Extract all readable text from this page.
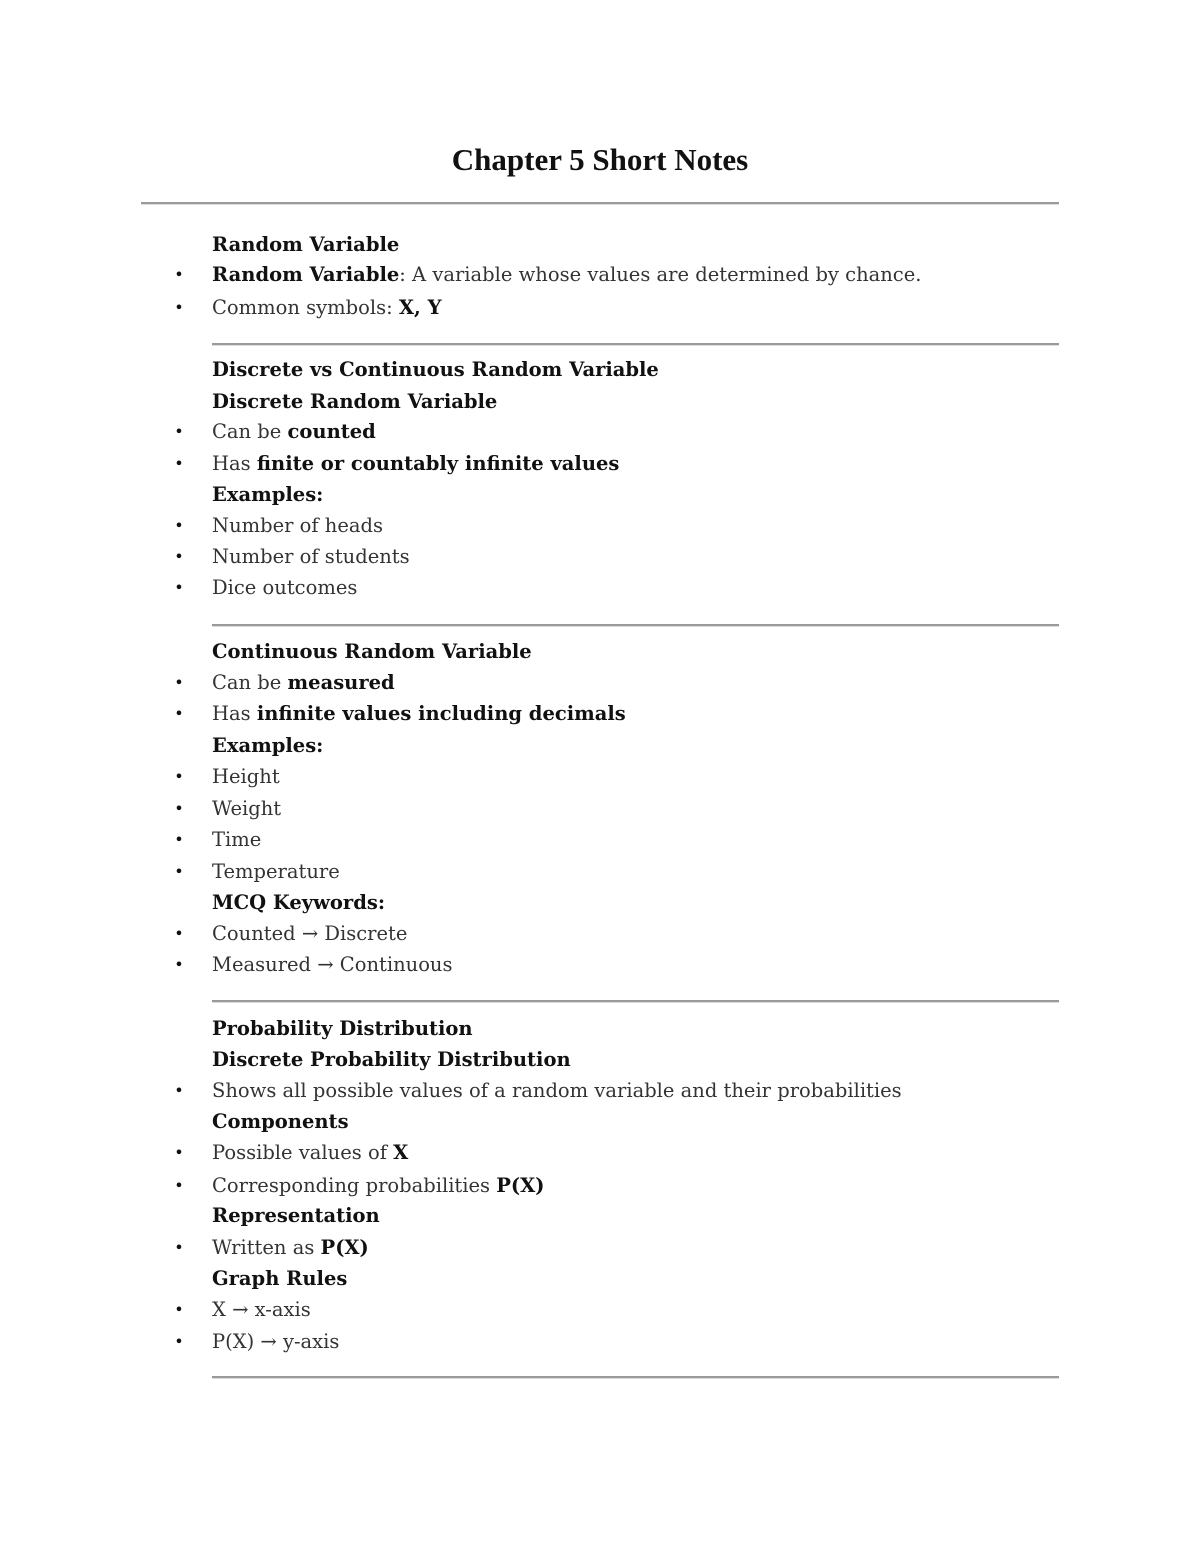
Chapter 5 Short Notes
Random Variable
• Random Variable: A variable whose values are determined by chance.
• Common symbols: X, Y
Discrete vs Continuous Random Variable
Discrete Random Variable
• Can be counted
• Has finite or countably infinite values
Examples:
• Number of heads
• Number of students
• Dice outcomes
Continuous Random Variable
• Can be measured
• Has infinite values including decimals
Examples:
• Height
• Weight
• Time
• Temperature
MCQ Keywords:
• Counted → Discrete
• Measured → Continuous
Probability Distribution
Discrete Probability Distribution
• Shows all possible values of a random variable and their probabilities
Components
• Possible values of X
• Corresponding probabilities P(X)
Representation
• Written as P(X)
Graph Rules
• X → x-axis
• P(X) → y-axis
